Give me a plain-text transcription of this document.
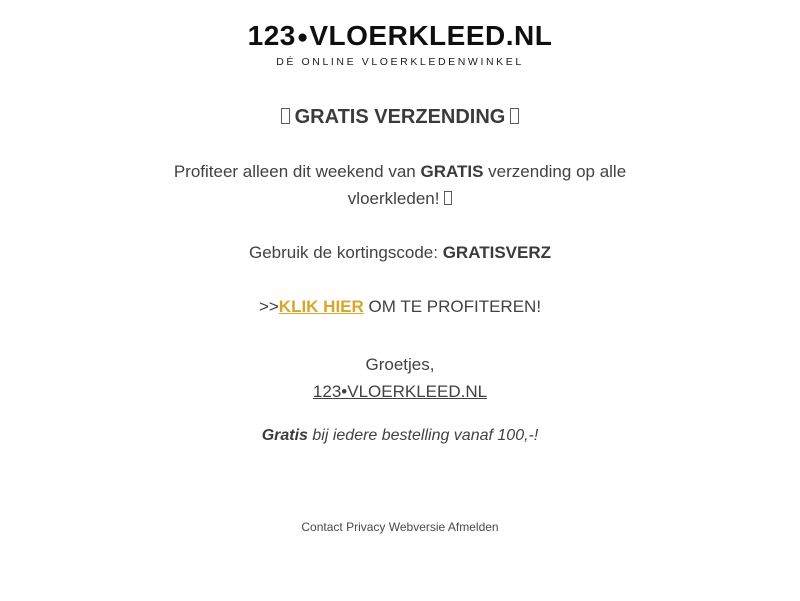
123●VLOERKLEED.NL
DÉ ONLINE VLOERKLEDENWINKEL
GRATIS VERZENDING

Profiteer alleen dit weekend van GRATIS verzending op alle vloerkleden!

Gebruik de kortingscode: GRATISVERZ

>>KLIK HIER OM TE PROFITEREN!

Groetjes,
123•VLOERKLEED.NL

Gratis bij iedere bestelling vanaf 100,-!

Contact Privacy Webversie Afmelden
